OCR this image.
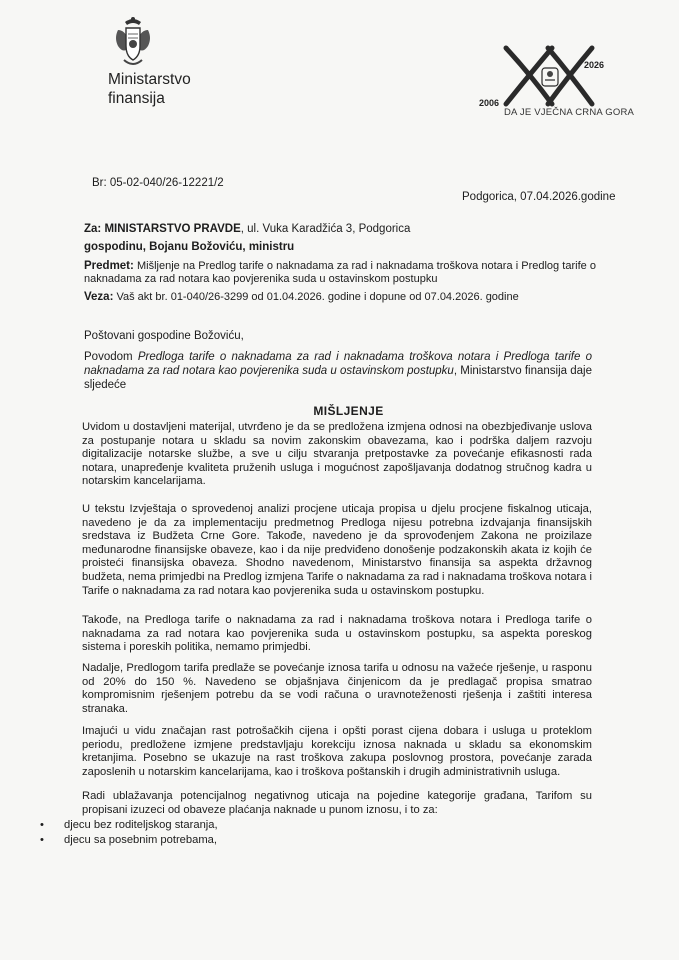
Ministarstvo
finansija	2006
2026
DA JE VJEČNA CRNA GORA
Br: 05-02-040/26-12221/2
Podgorica, 07.04.2026.godine
Za: MINISTARSTVO PRAVDE, ul. Vuka Karadžića 3, Podgorica
gospodinu, Bojanu Božoviću, ministru
Predmet: Mišljenje na Predlog tarife o naknadama za rad i naknadama troškova notara i Predlog tarife o naknadama za rad notara kao povjerenika suda u ostavinskom postupku
Veza: Vaš akt br. 01-040/26-3299 od 01.04.2026. godine i dopune od 07.04.2026. godine
Poštovani gospodine Božoviću,
Povodom Predloga tarife o naknadama za rad i naknadama troškova notara i Predloga tarife o naknadama za rad notara kao povjerenika suda u ostavinskom postupku, Ministarstvo finansija daje sljedeće
MIŠLJENJE
Uvidom u dostavljeni materijal, utvrđeno je da se predložena izmjena odnosi na obezbjeđivanje uslova za postupanje notara u skladu sa novim zakonskim obavezama, kao i podrška daljem razvoju digitalizacije notarske službe, a sve u cilju stvaranja pretpostavke za povećanje efikasnosti rada notara, unapređenje kvaliteta pruženih usluga i mogućnost zapošljavanja dodatnog stručnog kadra u notarskim kancelarijama.
U tekstu Izvještaja o sprovedenoj analizi procjene uticaja propisa u djelu procjene fiskalnog uticaja, navedeno je da za implementaciju predmetnog Predloga nijesu potrebna izdvajanja finansijskih sredstava iz Budžeta Crne Gore. Takođe, navedeno je da sprovođenjem Zakona ne proizilaze međunarodne finansijske obaveze, kao i da nije predviđeno donošenje podzakonskih akata iz kojih će proisteći finansijska obaveza. Shodno navedenom, Ministarstvo finansija sa aspekta državnog budžeta, nema primjedbi na Predlog izmjena Tarife o naknadama za rad i naknadama troškova notara i Tarife o naknadama za rad notara kao povjerenika suda u ostavinskom postupku.
Takođe, na Predloga tarife o naknadama za rad i naknadama troškova notara i Predloga tarife o naknadama za rad notara kao povjerenika suda u ostavinskom postupku, sa aspekta poreskog sistema i poreskih politika, nemamo primjedbi.
Nadalje, Predlogom tarifa predlaže se povećanje iznosa tarifa u odnosu na važeće rješenje, u rasponu od 20% do 150 %. Navedeno se objašnjava činjenicom da je predlagač propisa smatrao kompromisnim rješenjem potrebu da se vodi računa o uravnoteženosti rješenja i zaštiti interesa stranaka.
Imajući u vidu značajan rast potrošačkih cijena i opšti porast cijena dobara i usluga u proteklom periodu, predložene izmjene predstavljaju korekciju iznosa naknada u skladu sa ekonomskim kretanjima. Posebno se ukazuje na rast troškova zakupa poslovnog prostora, povećanje zarada zaposlenih u notarskim kancelarijama, kao i troškova poštanskih i drugih administrativnih usluga.
Radi ublažavanja potencijalnog negativnog uticaja na pojedine kategorije građana, Tarifom su propisani izuzeci od obaveze plaćanja naknade u punom iznosu, i to za:
•	djecu bez roditeljskog staranja,
•	djecu sa posebnim potrebama,
